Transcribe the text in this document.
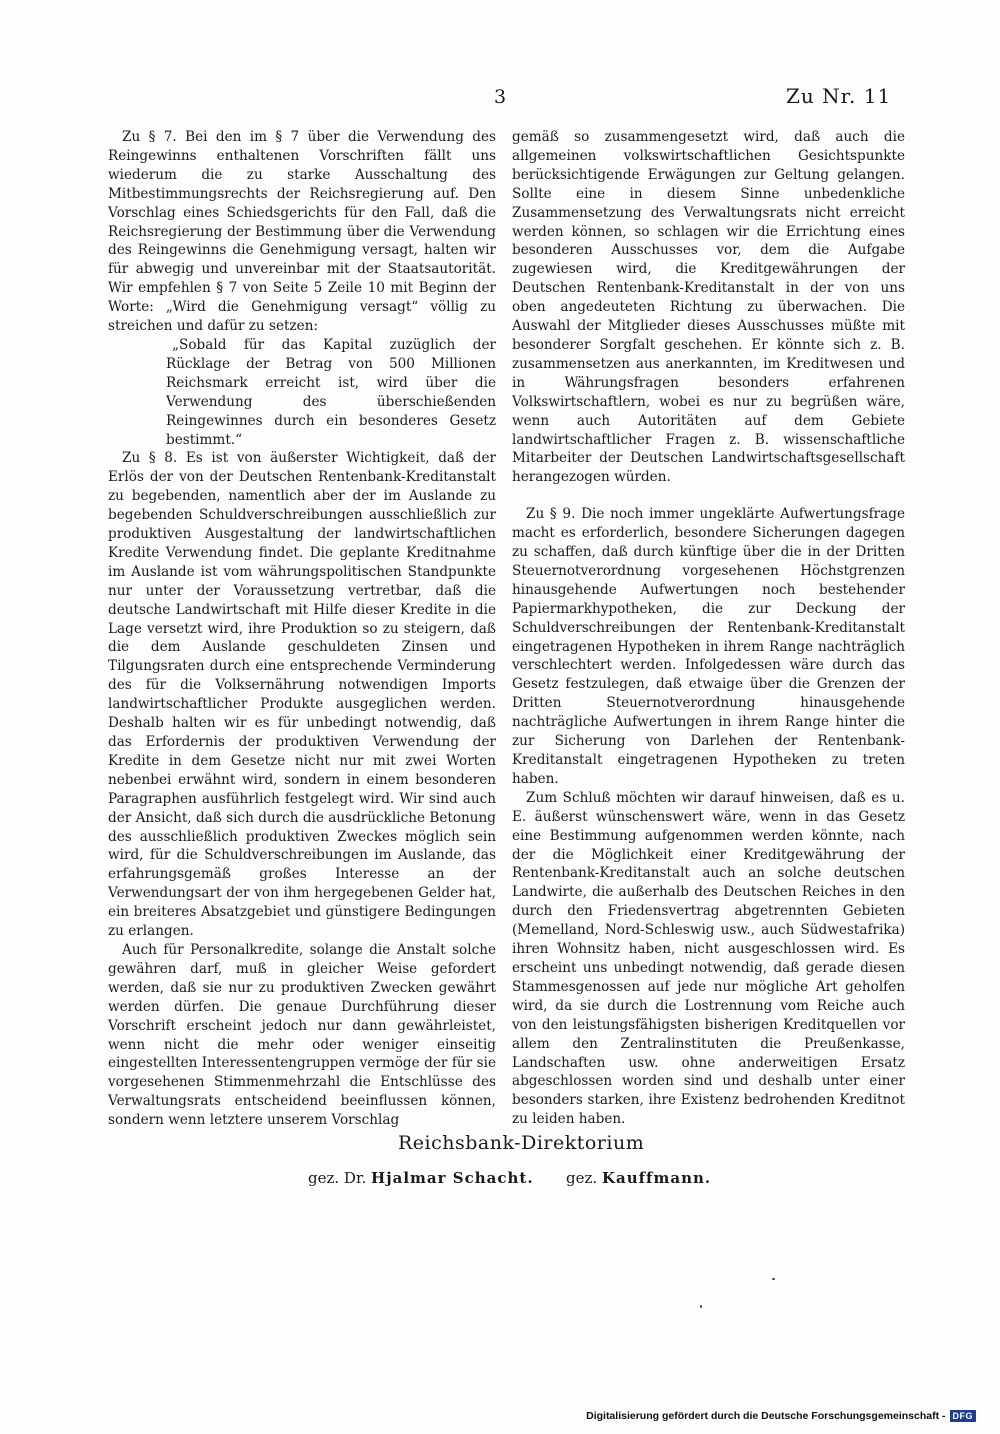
3	Zu Nr. 11

Zu § 7. Bei den im § 7 über die Verwendung des Reingewinns enthaltenen Vorschriften fällt uns wiederum die zu starke Ausschaltung des Mitbestimmungsrechts der Reichsregierung auf. Den Vorschlag eines Schiedsgerichts für den Fall, daß die Reichsregierung der Bestimmung über die Verwendung des Reingewinns die Genehmigung versagt, halten wir für abwegig und unvereinbar mit der Staatsautorität. Wir empfehlen § 7 von Seite 5 Zeile 10 mit Beginn der Worte: „Wird die Genehmigung versagt“ völlig zu streichen und dafür zu setzen:

„Sobald für das Kapital zuzüglich der Rücklage der Betrag von 500 Millionen Reichsmark erreicht ist, wird über die Verwendung des überschießenden Reingewinnes durch ein besonderes Gesetz bestimmt.“

Zu § 8. Es ist von äußerster Wichtigkeit, daß der Erlös der von der Deutschen Rentenbank-Kreditanstalt zu begebenden, namentlich aber der im Auslande zu begebenden Schuldverschreibungen ausschließlich zur produktiven Ausgestaltung der landwirtschaftlichen Kredite Verwendung findet. Die geplante Kreditnahme im Auslande ist vom währungspolitischen Standpunkte nur unter der Voraussetzung vertretbar, daß die deutsche Landwirtschaft mit Hilfe dieser Kredite in die Lage versetzt wird, ihre Produktion so zu steigern, daß die dem Auslande geschuldeten Zinsen und Tilgungsraten durch eine entsprechende Verminderung des für die Volksernährung notwendigen Imports landwirtschaftlicher Produkte ausgeglichen werden. Deshalb halten wir es für unbedingt notwendig, daß das Erfordernis der produktiven Verwendung der Kredite in dem Gesetze nicht nur mit zwei Worten nebenbei erwähnt wird, sondern in einem besonderen Paragraphen ausführlich festgelegt wird. Wir sind auch der Ansicht, daß sich durch die ausdrückliche Betonung des ausschließlich produktiven Zweckes möglich sein wird, für die Schuldverschreibungen im Auslande, das erfahrungsgemäß großes Interesse an der Verwendungsart der von ihm hergegebenen Gelder hat, ein breiteres Absatzgebiet und günstigere Bedingungen zu erlangen.

Auch für Personalkredite, solange die Anstalt solche gewähren darf, muß in gleicher Weise gefordert werden, daß sie nur zu produktiven Zwecken gewährt werden dürfen. Die genaue Durchführung dieser Vorschrift erscheint jedoch nur dann gewährleistet, wenn nicht die mehr oder weniger einseitig eingestellten Interessentengruppen vermöge der für sie vorgesehenen Stimmenmehrzahl die Entschlüsse des Verwaltungsrats entscheidend beeinflussen können, sondern wenn letztere unserem Vorschlag

gemäß so zusammengesetzt wird, daß auch die allgemeinen volkswirtschaftlichen Gesichtspunkte berücksichtigende Erwägungen zur Geltung gelangen. Sollte eine in diesem Sinne unbedenkliche Zusammensetzung des Verwaltungsrats nicht erreicht werden können, so schlagen wir die Errichtung eines besonderen Ausschusses vor, dem die Aufgabe zugewiesen wird, die Kreditgewährungen der Deutschen Rentenbank-Kreditanstalt in der von uns oben angedeuteten Richtung zu überwachen. Die Auswahl der Mitglieder dieses Ausschusses müßte mit besonderer Sorgfalt geschehen. Er könnte sich z. B. zusammensetzen aus anerkannten, im Kreditwesen und in Währungsfragen besonders erfahrenen Volkswirtschaftlern, wobei es nur zu begrüßen wäre, wenn auch Autoritäten auf dem Gebiete landwirtschaftlicher Fragen z. B. wissenschaftliche Mitarbeiter der Deutschen Landwirtschaftsgesellschaft herangezogen würden.

Zu § 9. Die noch immer ungeklärte Aufwertungsfrage macht es erforderlich, besondere Sicherungen dagegen zu schaffen, daß durch künftige über die in der Dritten Steuernotverordnung vorgesehenen Höchstgrenzen hinausgehende Aufwertungen noch bestehender Papiermarkhypotheken, die zur Deckung der Schuldverschreibungen der Rentenbank-Kreditanstalt eingetragenen Hypotheken in ihrem Range nachträglich verschlechtert werden. Infolgedessen wäre durch das Gesetz festzulegen, daß etwaige über die Grenzen der Dritten Steuernotverordnung hinausgehende nachträgliche Aufwertungen in ihrem Range hinter die zur Sicherung von Darlehen der Rentenbank-Kreditanstalt eingetragenen Hypotheken zu treten haben.

Zum Schluß möchten wir darauf hinweisen, daß es u. E. äußerst wünschenswert wäre, wenn in das Gesetz eine Bestimmung aufgenommen werden könnte, nach der die Möglichkeit einer Kreditgewährung der Rentenbank-Kreditanstalt auch an solche deutschen Landwirte, die außerhalb des Deutschen Reiches in den durch den Friedensvertrag abgetrennten Gebieten (Memelland, Nord-Schleswig usw., auch Südwestafrika) ihren Wohnsitz haben, nicht ausgeschlossen wird. Es erscheint uns unbedingt notwendig, daß gerade diesen Stammesgenossen auf jede nur mögliche Art geholfen wird, da sie durch die Lostrennung vom Reiche auch von den leistungsfähigsten bisherigen Kreditquellen vor allem den Zentralinstituten die Preußenkasse, Landschaften usw. ohne anderweitigen Ersatz abgeschlossen worden sind und deshalb unter einer besonders starken, ihre Existenz bedrohenden Kreditnot zu leiden haben.

Reichsbank-Direktorium
gez. Dr. Hjalmar Schacht. gez. Kauffmann.
Digitalisierung gefördert durch die Deutsche Forschungsgemeinschaft - DFG
